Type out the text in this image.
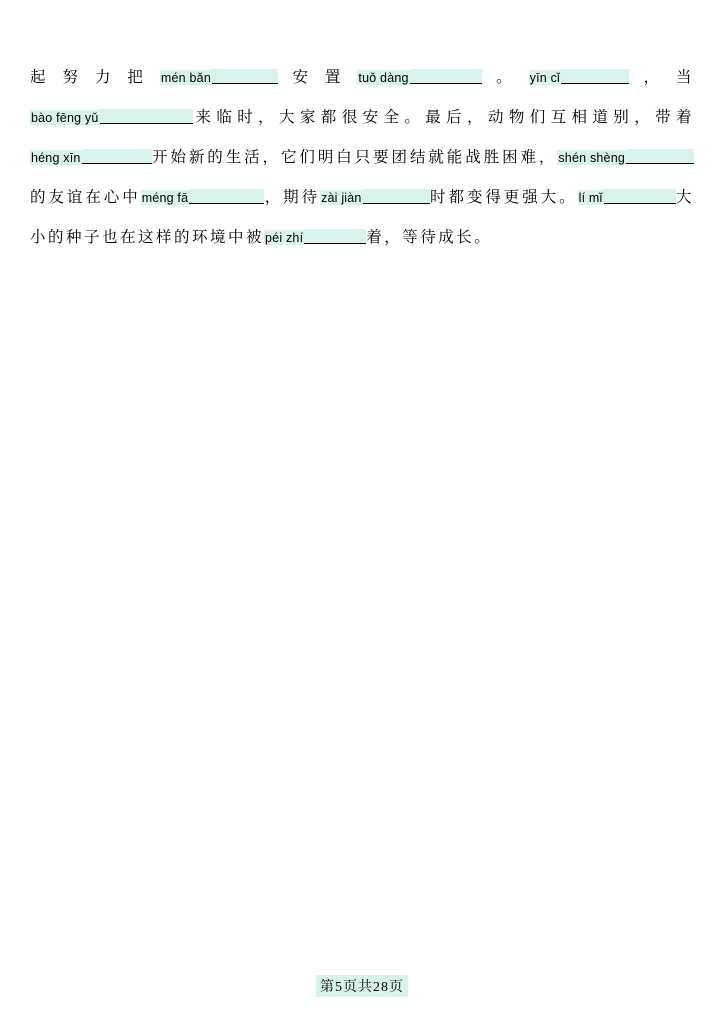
起努力把mén bǎn	安置tuǒ dàng	。yīn cǐ	，当bào fēng yǔ	来临时，大家都很安全。最后，动物们互相道别，带着héng xīn	开始新的生活，它们明白只要团结就能战胜困难，shén shèng的友谊在心中méng fā	，期待zài jiàn	时都变得更强大。lí mǐ	大小的种子也在这样的环境中被péi zhí	着，等待成长。
第5页共28页
